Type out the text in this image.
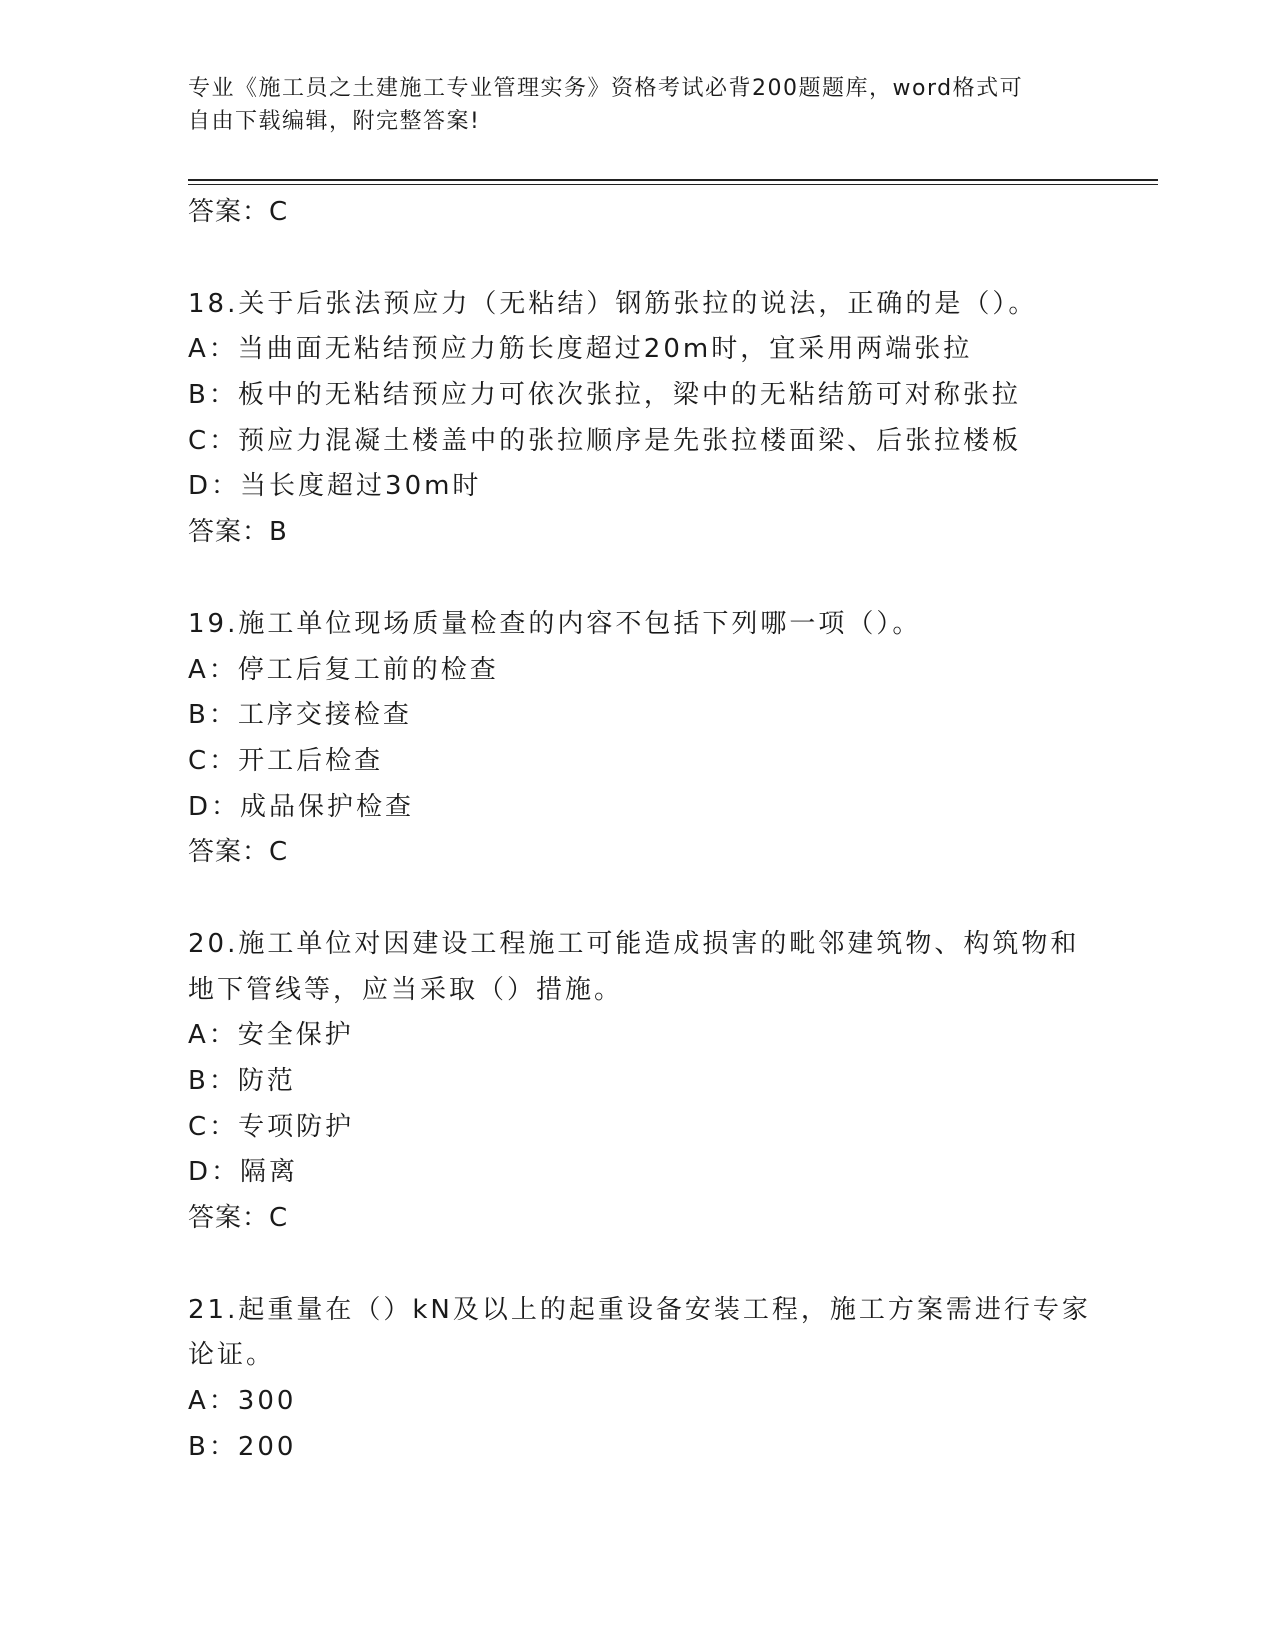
专业《施工员之土建施工专业管理实务》资格考试必背200题题库，word格式可
自由下载编辑，附完整答案!
答案：C
18.关于后张法预应力（无粘结）钢筋张拉的说法，正确的是（）。
A：当曲面无粘结预应力筋长度超过20m时，宜采用两端张拉
B：板中的无粘结预应力可依次张拉，梁中的无粘结筋可对称张拉
C：预应力混凝土楼盖中的张拉顺序是先张拉楼面梁、后张拉楼板
D：当长度超过30m时
答案：B
19.施工单位现场质量检查的内容不包括下列哪一项（）。
A：停工后复工前的检查
B：工序交接检查
C：开工后检查
D：成品保护检查
答案：C
20.施工单位对因建设工程施工可能造成损害的毗邻建筑物、构筑物和
地下管线等，应当采取（）措施。
A：安全保护
B：防范
C：专项防护
D：隔离
答案：C
21.起重量在（）kN及以上的起重设备安装工程，施工方案需进行专家
论证。
A：300
B：200
